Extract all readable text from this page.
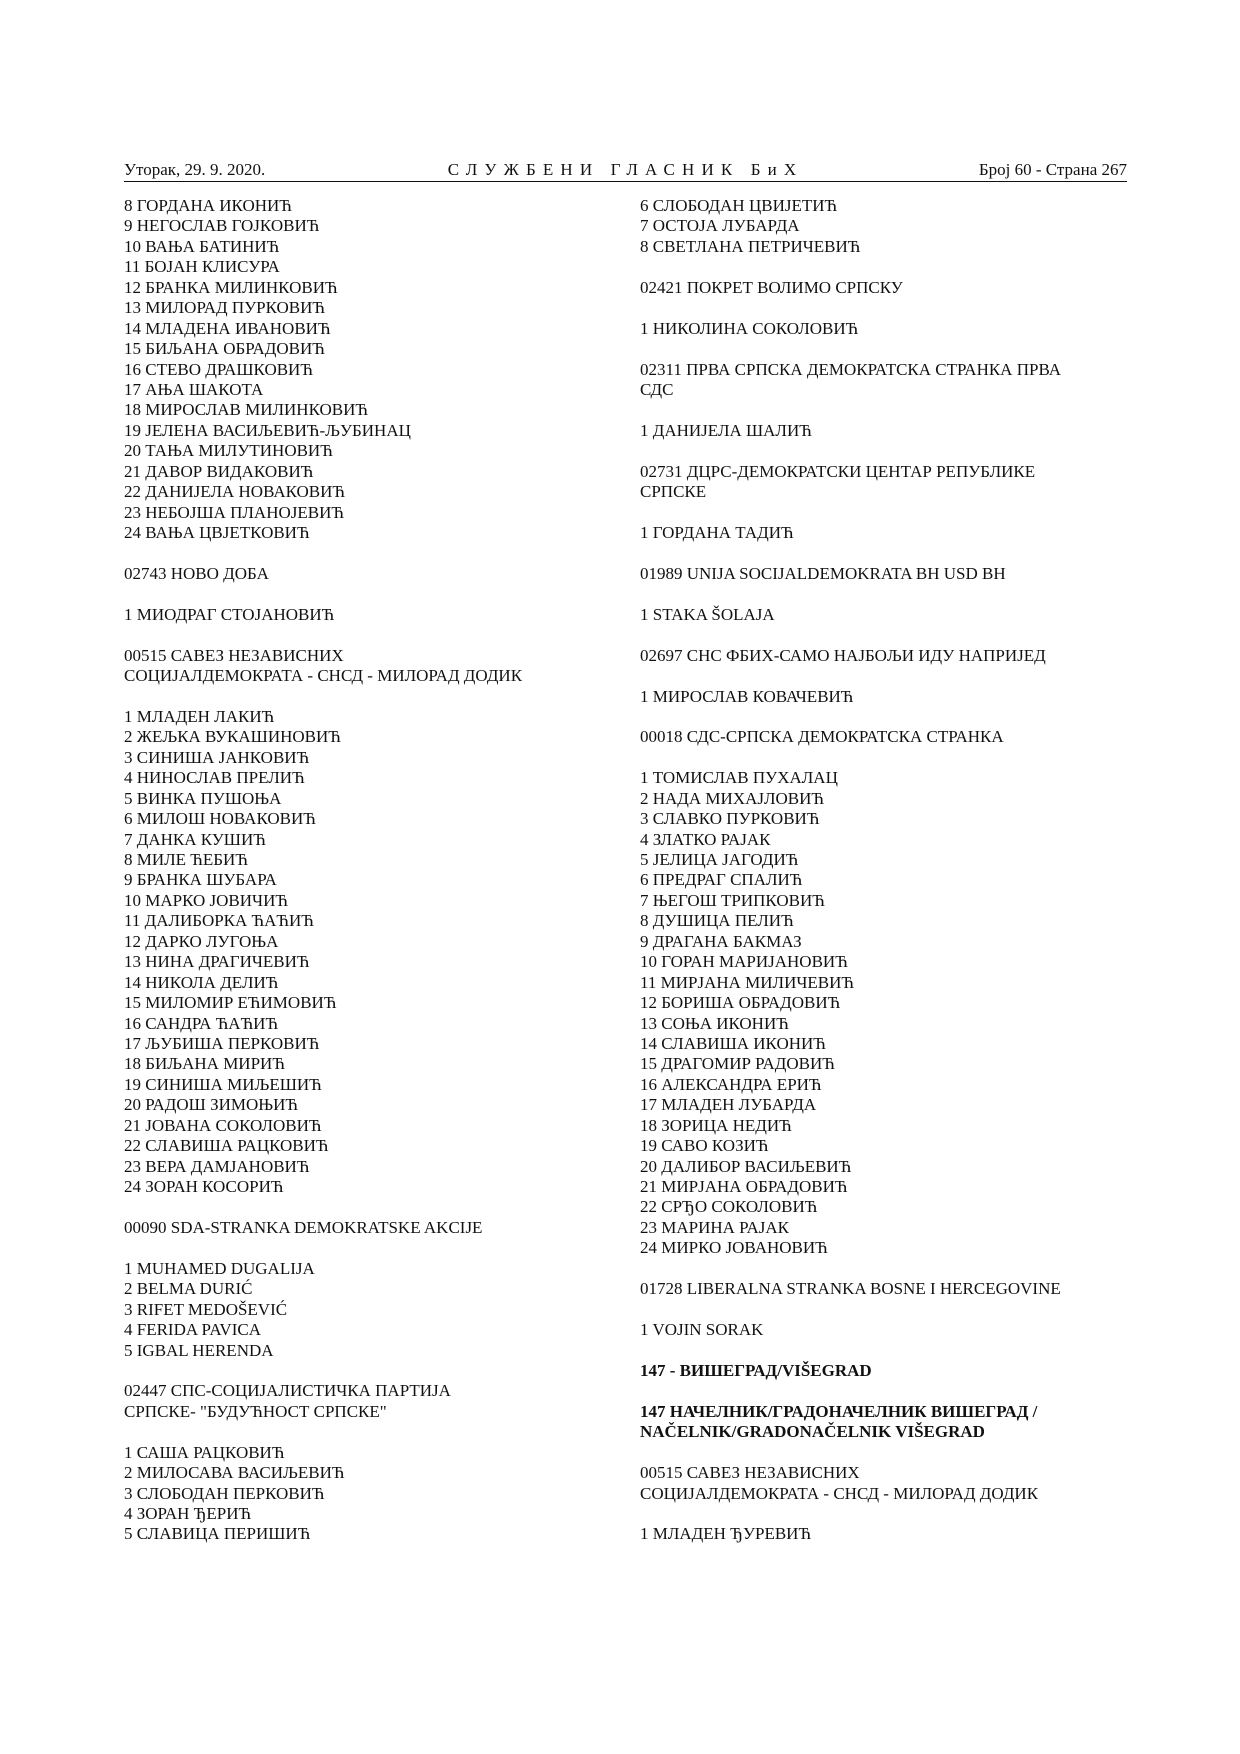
Уторак, 29. 9. 2020.	СЛУЖБЕНИ ГЛАСНИК БиХ	Број 60 - Страна 267
8 ГОРДАНА ИКОНИЋ
9 НЕГОСЛАВ ГОЈКОВИЋ
10 ВАЊА БАТИНИЋ
11 БОЈАН КЛИСУРА
12 БРАНКА МИЛИНКОВИЋ
13 МИЛОРАД ПУРКОВИЋ
14 МЛАДЕНА ИВАНОВИЋ
15 БИЉАНА ОБРАДОВИЋ
16 СТЕВО ДРАШКОВИЋ
17 АЊА ШАКОТА
18 МИРОСЛАВ МИЛИНКОВИЋ
19 ЈЕЛЕНА ВАСИЉЕВИЋ-ЉУБИНАЦ
20 ТАЊА МИЛУТИНОВИЋ
21 ДАВОР ВИДАКОВИЋ
22 ДАНИЈЕЛА НОВАКОВИЋ
23 НЕБОЈША ПЛАНОЈЕВИЋ
24 ВАЊА ЦВЈЕТКОВИЋ
02743 НОВО ДОБА
1 МИОДРАГ СТОЈАНОВИЋ
00515 САВЕЗ НЕЗАВИСНИХ
СОЦИЈАЛДЕМОКРАТА - СНСД - МИЛОРАД ДОДИК
1 МЛАДЕН ЛАКИЋ
2 ЖЕЉКА ВУКАШИНОВИЋ
3 СИНИША ЈАНКОВИЋ
4 НИНОСЛАВ ПРЕЛИЋ
5 ВИНКА ПУШОЊА
6 МИЛОШ НОВАКОВИЋ
7 ДАНКА КУШИЋ
8 МИЛЕ ЋЕБИЋ
9 БРАНКА ШУБАРА
10 МАРКО ЈОВИЧИЋ
11 ДАЛИБОРКА ЋАЋИЋ
12 ДАРКО ЛУГОЊА
13 НИНА ДРАГИЧЕВИЋ
14 НИКОЛА ДЕЛИЋ
15 МИЛОМИР ЕЋИМОВИЋ
16 САНДРА ЋАЋИЋ
17 ЉУБИША ПЕРКОВИЋ
18 БИЉАНА МИРИЋ
19 СИНИША МИЉЕШИЋ
20 РАДОШ ЗИМОЊИЋ
21 ЈОВАНА СОКОЛОВИЋ
22 СЛАВИША РАЦКОВИЋ
23 ВЕРА ДАМЈАНОВИЋ
24 ЗОРАН КОСОРИЋ
00090 SDA-STRANKA DEMOKRATSKE AKCIJE
1 MUHAMED DUGALIJA
2 BELMA DURIĆ
3 RIFET MEDOŠEVIĆ
4 FERIDA PAVICA
5 IGBAL HERENDA
02447 СПС-СОЦИЈАЛИСТИЧКА ПАРТИЈА
СРПСКЕ- "БУДУЋНОСТ СРПСКЕ"
1 САША РАЦКОВИЋ
2 МИЛОСАВА ВАСИЉЕВИЋ
3 СЛОБОДАН ПЕРКОВИЋ
4 ЗОРАН ЂЕРИЋ
5 СЛАВИЦА ПЕРИШИЋ
6 СЛОБОДАН ЦВИЈЕТИЋ
7 ОСТОЈА ЛУБАРДА
8 СВЕТЛАНА ПЕТРИЧЕВИЋ
02421 ПОКРЕТ ВОЛИМО СРПСКУ
1 НИКОЛИНА СОКОЛОВИЋ
02311 ПРВА СРПСКА ДЕМОКРАТСКА СТРАНКА ПРВА
СДС
1 ДАНИЈЕЛА ШАЛИЋ
02731 ДЦРС-ДЕМОКРАТСКИ ЦЕНТАР РЕПУБЛИКЕ
СРПСКЕ
1 ГОРДАНА ТАДИЋ
01989 UNIJA SOCIJALDEMOKRATA BH USD BH
1 STAKA ŠOLAJA
02697 СНС ФБИХ-САМО НАЈБОЉИ ИДУ НАПРИЈЕД
1 МИРОСЛАВ КОВАЧЕВИЋ
00018 СДС-СРПСКА ДЕМОКРАТСКА СТРАНКА
1 ТОМИСЛАВ ПУХАЛАЦ
2 НАДА МИХАЈЛОВИЋ
3 СЛАВКО ПУРКОВИЋ
4 ЗЛАТКО РАЈАК
5 ЈЕЛИЦА ЈАГОДИЋ
6 ПРЕДРАГ СПАЛИЋ
7 ЊЕГОШ ТРИПКОВИЋ
8 ДУШИЦА ПЕЛИЋ
9 ДРАГАНА БАКМАЗ
10 ГОРАН МАРИЈАНОВИЋ
11 МИРЈАНА МИЛИЧЕВИЋ
12 БОРИША ОБРАДОВИЋ
13 СОЊА ИКОНИЋ
14 СЛАВИША ИКОНИЋ
15 ДРАГОМИР РАДОВИЋ
16 АЛЕКСАНДРА ЕРИЋ
17 МЛАДЕН ЛУБАРДА
18 ЗОРИЦА НЕДИЋ
19 САВО КОЗИЋ
20 ДАЛИБОР ВАСИЉЕВИЋ
21 МИРЈАНА ОБРАДОВИЋ
22 СРЂО СОКОЛОВИЋ
23 МАРИНА РАЈАК
24 МИРКО ЈОВАНОВИЋ
01728 LIBERALNA STRANKA BOSNE I HERCEGOVINE
1 VOJIN SORAK
147 - ВИШЕГРАД/VIŠEGRAD
147 НАЧЕЛНИК/ГРАДОНАЧЕЛНИК ВИШЕГРАД /
NAČELNIK/GRADONAČELNIK VIŠEGRAD
00515 САВЕЗ НЕЗАВИСНИХ
СОЦИЈАЛДЕМОКРАТА - СНСД - МИЛОРАД ДОДИК
1 МЛАДЕН ЂУРЕВИЋ
